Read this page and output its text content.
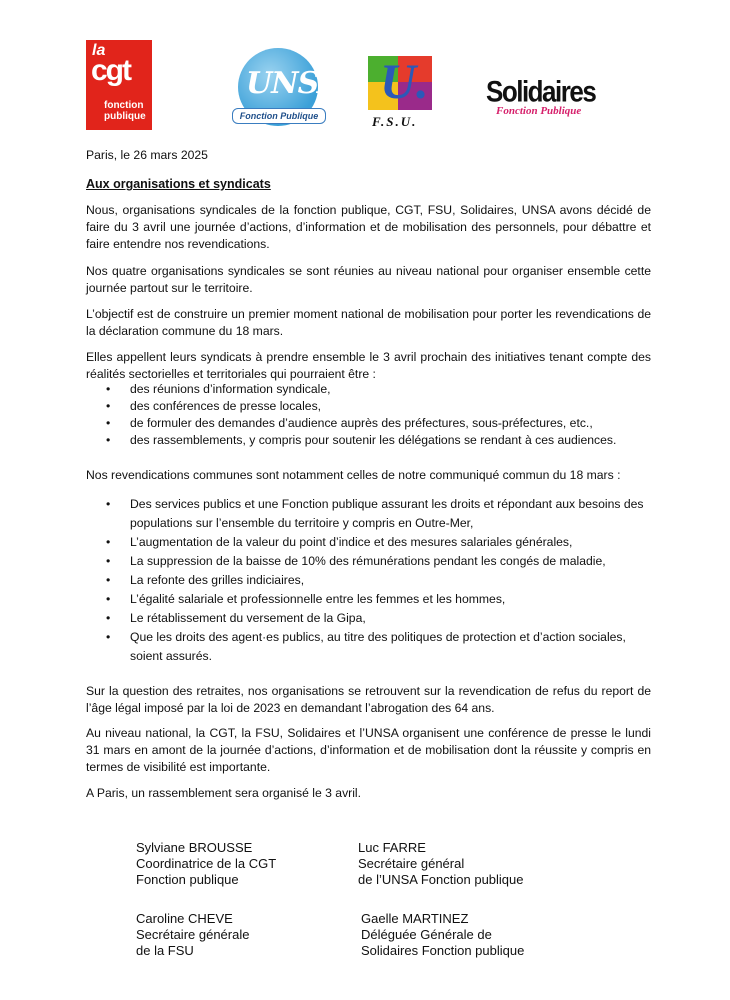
la
cgt
fonction
publique
UNSA
Fonction Publique
U.
F.S.U.
Solidaires
Fonction Publique
Paris, le 26 mars 2025
Aux organisations et syndicats

Nous, organisations syndicales de la fonction publique, CGT, FSU, Solidaires, UNSA avons décidé de faire du 3 avril une journée d’actions, d’information et de mobilisation des personnels, pour débattre et faire entendre nos revendications.

Nos quatre organisations syndicales se sont réunies au niveau national pour organiser ensemble cette journée partout sur le territoire.

L’objectif est de construire un premier moment national de mobilisation pour porter les revendications de la déclaration commune du 18 mars.

Elles appellent leurs syndicats à prendre ensemble le 3 avril prochain des initiatives tenant compte des réalités sectorielles et territoriales qui pourraient être :

• des réunions d’information syndicale,
• des conférences de presse locales,
• de formuler des demandes d’audience auprès des préfectures, sous-préfectures, etc.,
• des rassemblements, y compris pour soutenir les délégations se rendant à ces audiences.

Nos revendications communes sont notamment celles de notre communiqué commun du 18 mars :

• Des services publics et une Fonction publique assurant les droits et répondant aux besoins des populations sur l’ensemble du territoire y compris en Outre-Mer,
• L’augmentation de la valeur du point d’indice et des mesures salariales générales,
• La suppression de la baisse de 10% des rémunérations pendant les congés de maladie,
• La refonte des grilles indiciaires,
• L’égalité salariale et professionnelle entre les femmes et les hommes,
• Le rétablissement du versement de la Gipa,
• Que les droits des agent·es publics, au titre des politiques de protection et d’action sociales, soient assurés.

Sur la question des retraites, nos organisations se retrouvent sur la revendication de refus du report de l’âge légal imposé par la loi de 2023 en demandant l’abrogation des 64 ans.

Au niveau national, la CGT, la FSU, Solidaires et l’UNSA organisent une conférence de presse le lundi 31 mars en amont de la journée d’actions, d’information et de mobilisation dont la réussite y compris en termes de visibilité est importante.

A Paris, un rassemblement sera organisé le 3 avril.

Sylviane BROUSSE
Coordinatrice de la CGT
Fonction publique
Luc FARRE
Secrétaire général
de l’UNSA Fonction publique
Caroline CHEVE
Secrétaire générale
de la FSU
Gaelle MARTINEZ
Déléguée Générale de
Solidaires Fonction publique
